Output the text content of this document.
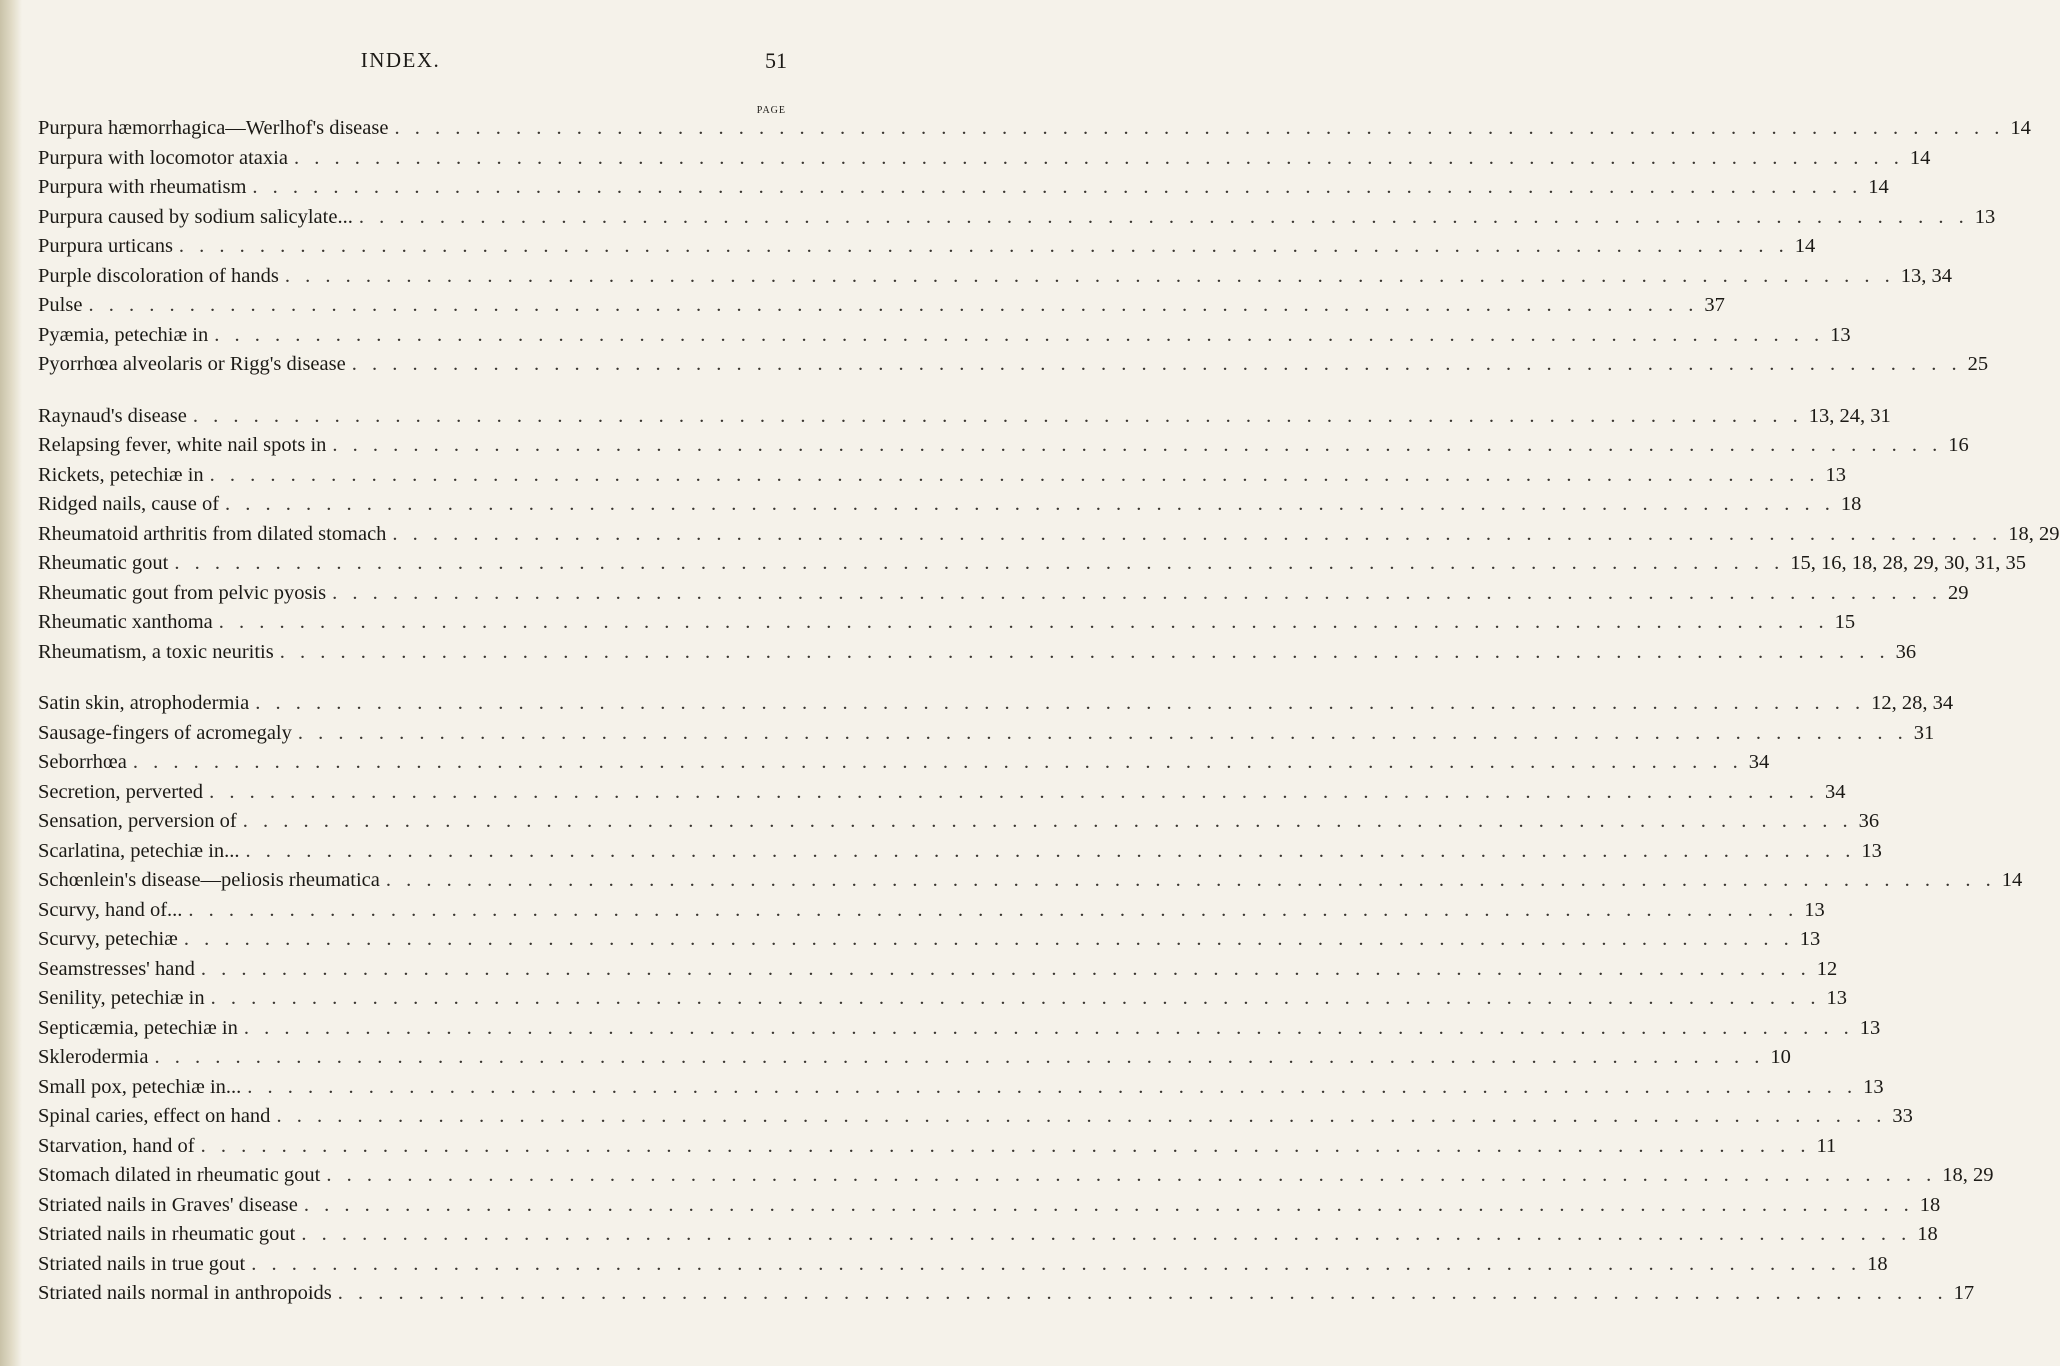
INDEX.	51
PAGE
Purpura hæmorrhagica—Werlhof's disease . . . . . . . . . . . . . . . . . . . . . . . . . . . . . . . . . . . . . . . . . . . . . . . . . . . . . . . . . . . . . . . . . . . . . . . . . . . . . . . . 14
Purpura with locomotor ataxia . . . . . . . . . . . . . . . . . . . . . . . . . . . . . . . . . . . . . . . . . . . . . . . . . . . . . . . . . . . . . . . . . . . . . . . . . . . . . . . . 14
Purpura with rheumatism . . . . . . . . . . . . . . . . . . . . . . . . . . . . . . . . . . . . . . . . . . . . . . . . . . . . . . . . . . . . . . . . . . . . . . . . . . . . . . . . 14
Purpura caused by sodium salicylate... . . . . . . . . . . . . . . . . . . . . . . . . . . . . . . . . . . . . . . . . . . . . . . . . . . . . . . . . . . . . . . . . . . . . . . . . . . . . . . . . 13
Purpura urticans . . . . . . . . . . . . . . . . . . . . . . . . . . . . . . . . . . . . . . . . . . . . . . . . . . . . . . . . . . . . . . . . . . . . . . . . . . . . . . . . 14
Purple discoloration of hands . . . . . . . . . . . . . . . . . . . . . . . . . . . . . . . . . . . . . . . . . . . . . . . . . . . . . . . . . . . . . . . . . . . . . . . . . . . . . . . . 13, 34
Pulse . . . . . . . . . . . . . . . . . . . . . . . . . . . . . . . . . . . . . . . . . . . . . . . . . . . . . . . . . . . . . . . . . . . . . . . . . . . . . . . . 37
Pyæmia, petechiæ in . . . . . . . . . . . . . . . . . . . . . . . . . . . . . . . . . . . . . . . . . . . . . . . . . . . . . . . . . . . . . . . . . . . . . . . . . . . . . . . . 13
Pyorrhœa alveolaris or Rigg's disease . . . . . . . . . . . . . . . . . . . . . . . . . . . . . . . . . . . . . . . . . . . . . . . . . . . . . . . . . . . . . . . . . . . . . . . . . . . . . . . . 25
Raynaud's disease . . . . . . . . . . . . . . . . . . . . . . . . . . . . . . . . . . . . . . . . . . . . . . . . . . . . . . . . . . . . . . . . . . . . . . . . . . . . . . . . 13, 24, 31
Relapsing fever, white nail spots in . . . . . . . . . . . . . . . . . . . . . . . . . . . . . . . . . . . . . . . . . . . . . . . . . . . . . . . . . . . . . . . . . . . . . . . . . . . . . . . . 16
Rickets, petechiæ in . . . . . . . . . . . . . . . . . . . . . . . . . . . . . . . . . . . . . . . . . . . . . . . . . . . . . . . . . . . . . . . . . . . . . . . . . . . . . . . . 13
Ridged nails, cause of . . . . . . . . . . . . . . . . . . . . . . . . . . . . . . . . . . . . . . . . . . . . . . . . . . . . . . . . . . . . . . . . . . . . . . . . . . . . . . . . 18
Rheumatoid arthritis from dilated stomach . . . . . . . . . . . . . . . . . . . . . . . . . . . . . . . . . . . . . . . . . . . . . . . . . . . . . . . . . . . . . . . . . . . . . . . . . . . . . . . . 18, 29
Rheumatic gout . . . . . . . . . . . . . . . . . . . . . . . . . . . . . . . . . . . . . . . . . . . . . . . . . . . . . . . . . . . . . . . . . . . . . . . . . . . . . . . . 15, 16, 18, 28, 29, 30, 31, 35
Rheumatic gout from pelvic pyosis . . . . . . . . . . . . . . . . . . . . . . . . . . . . . . . . . . . . . . . . . . . . . . . . . . . . . . . . . . . . . . . . . . . . . . . . . . . . . . . . 29
Rheumatic xanthoma . . . . . . . . . . . . . . . . . . . . . . . . . . . . . . . . . . . . . . . . . . . . . . . . . . . . . . . . . . . . . . . . . . . . . . . . . . . . . . . . 15
Rheumatism, a toxic neuritis . . . . . . . . . . . . . . . . . . . . . . . . . . . . . . . . . . . . . . . . . . . . . . . . . . . . . . . . . . . . . . . . . . . . . . . . . . . . . . . . 36
Satin skin, atrophodermia . . . . . . . . . . . . . . . . . . . . . . . . . . . . . . . . . . . . . . . . . . . . . . . . . . . . . . . . . . . . . . . . . . . . . . . . . . . . . . . . 12, 28, 34
Sausage-fingers of acromegaly . . . . . . . . . . . . . . . . . . . . . . . . . . . . . . . . . . . . . . . . . . . . . . . . . . . . . . . . . . . . . . . . . . . . . . . . . . . . . . . . 31
Seborrhœa . . . . . . . . . . . . . . . . . . . . . . . . . . . . . . . . . . . . . . . . . . . . . . . . . . . . . . . . . . . . . . . . . . . . . . . . . . . . . . . . 34
Secretion, perverted . . . . . . . . . . . . . . . . . . . . . . . . . . . . . . . . . . . . . . . . . . . . . . . . . . . . . . . . . . . . . . . . . . . . . . . . . . . . . . . . 34
Sensation, perversion of . . . . . . . . . . . . . . . . . . . . . . . . . . . . . . . . . . . . . . . . . . . . . . . . . . . . . . . . . . . . . . . . . . . . . . . . . . . . . . . . 36
Scarlatina, petechiæ in... . . . . . . . . . . . . . . . . . . . . . . . . . . . . . . . . . . . . . . . . . . . . . . . . . . . . . . . . . . . . . . . . . . . . . . . . . . . . . . . . 13
Schœnlein's disease—peliosis rheumatica . . . . . . . . . . . . . . . . . . . . . . . . . . . . . . . . . . . . . . . . . . . . . . . . . . . . . . . . . . . . . . . . . . . . . . . . . . . . . . . . 14
Scurvy, hand of... . . . . . . . . . . . . . . . . . . . . . . . . . . . . . . . . . . . . . . . . . . . . . . . . . . . . . . . . . . . . . . . . . . . . . . . . . . . . . . . . 13
Scurvy, petechiæ . . . . . . . . . . . . . . . . . . . . . . . . . . . . . . . . . . . . . . . . . . . . . . . . . . . . . . . . . . . . . . . . . . . . . . . . . . . . . . . . 13
Seamstresses' hand . . . . . . . . . . . . . . . . . . . . . . . . . . . . . . . . . . . . . . . . . . . . . . . . . . . . . . . . . . . . . . . . . . . . . . . . . . . . . . . . 12
Senility, petechiæ in . . . . . . . . . . . . . . . . . . . . . . . . . . . . . . . . . . . . . . . . . . . . . . . . . . . . . . . . . . . . . . . . . . . . . . . . . . . . . . . . 13
Septicæmia, petechiæ in . . . . . . . . . . . . . . . . . . . . . . . . . . . . . . . . . . . . . . . . . . . . . . . . . . . . . . . . . . . . . . . . . . . . . . . . . . . . . . . . 13
Sklerodermia . . . . . . . . . . . . . . . . . . . . . . . . . . . . . . . . . . . . . . . . . . . . . . . . . . . . . . . . . . . . . . . . . . . . . . . . . . . . . . . . 10
Small pox, petechiæ in... . . . . . . . . . . . . . . . . . . . . . . . . . . . . . . . . . . . . . . . . . . . . . . . . . . . . . . . . . . . . . . . . . . . . . . . . . . . . . . . . 13
Spinal caries, effect on hand . . . . . . . . . . . . . . . . . . . . . . . . . . . . . . . . . . . . . . . . . . . . . . . . . . . . . . . . . . . . . . . . . . . . . . . . . . . . . . . . 33
Starvation, hand of . . . . . . . . . . . . . . . . . . . . . . . . . . . . . . . . . . . . . . . . . . . . . . . . . . . . . . . . . . . . . . . . . . . . . . . . . . . . . . . . 11
Stomach dilated in rheumatic gout . . . . . . . . . . . . . . . . . . . . . . . . . . . . . . . . . . . . . . . . . . . . . . . . . . . . . . . . . . . . . . . . . . . . . . . . . . . . . . . . 18, 29
Striated nails in Graves' disease . . . . . . . . . . . . . . . . . . . . . . . . . . . . . . . . . . . . . . . . . . . . . . . . . . . . . . . . . . . . . . . . . . . . . . . . . . . . . . . . 18
Striated nails in rheumatic gout . . . . . . . . . . . . . . . . . . . . . . . . . . . . . . . . . . . . . . . . . . . . . . . . . . . . . . . . . . . . . . . . . . . . . . . . . . . . . . . . 18
Striated nails in true gout . . . . . . . . . . . . . . . . . . . . . . . . . . . . . . . . . . . . . . . . . . . . . . . . . . . . . . . . . . . . . . . . . . . . . . . . . . . . . . . . 18
Striated nails normal in anthropoids . . . . . . . . . . . . . . . . . . . . . . . . . . . . . . . . . . . . . . . . . . . . . . . . . . . . . . . . . . . . . . . . . . . . . . . . . . . . . . . . 17
